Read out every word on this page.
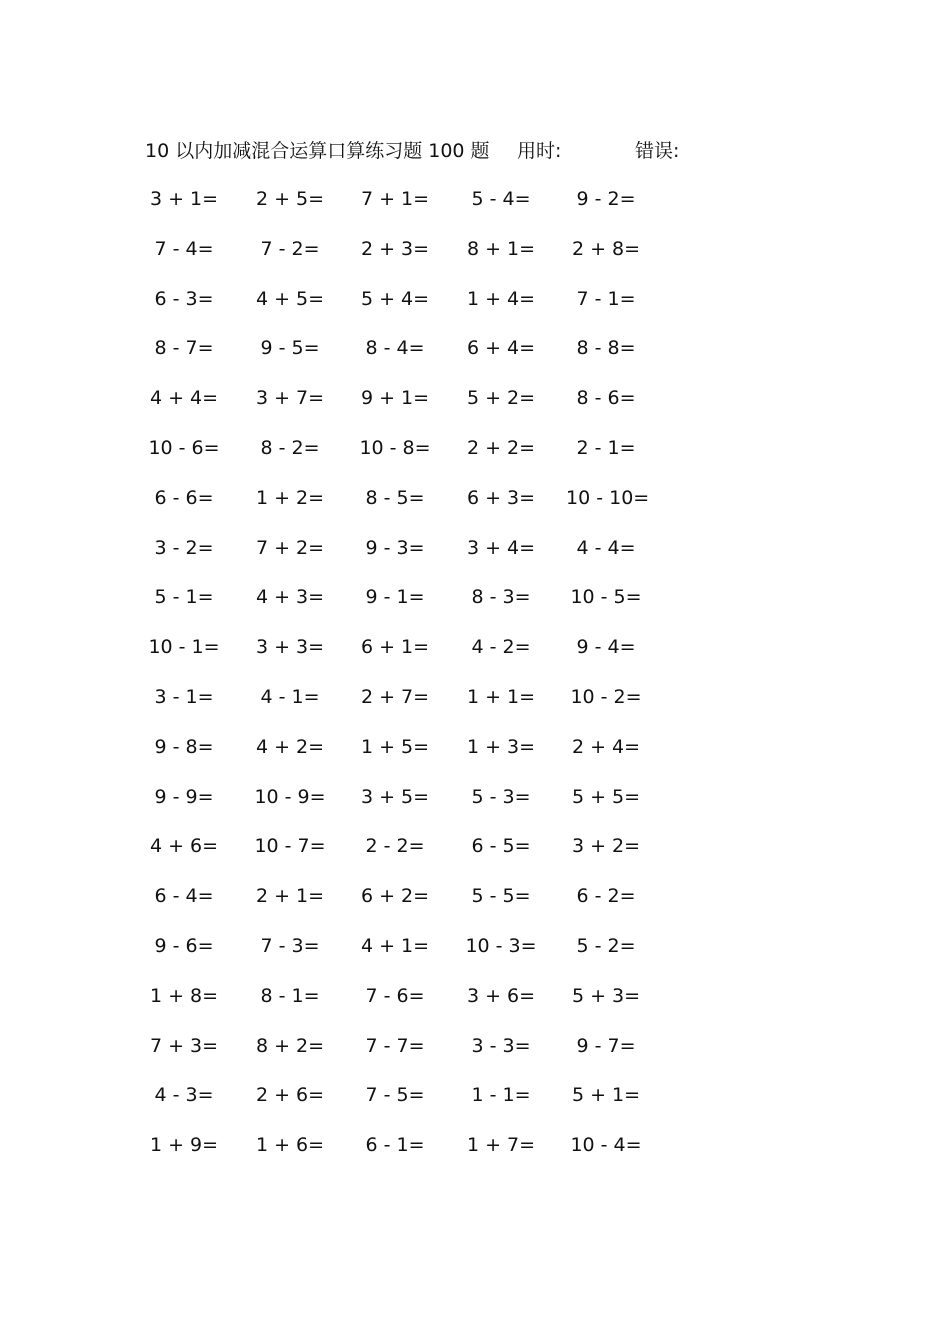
10 以内加减混合运算口算练习题 100 题 用时:	错误:
3 + 1=	2 + 5=	7 + 1=	5 - 4=	9 - 2=
7 - 4=	7 - 2=	2 + 3=	8 + 1=	2 + 8=
6 - 3=	4 + 5=	5 + 4=	1 + 4=	7 - 1=
8 - 7=	9 - 5=	8 - 4=	6 + 4=	8 - 8=
4 + 4=	3 + 7=	9 + 1=	5 + 2=	8 - 6=
10 - 6=	8 - 2=	10 - 8=	2 + 2=	2 - 1=
6 - 6=	1 + 2=	8 - 5=	6 + 3=	10 - 10=
3 - 2=	7 + 2=	9 - 3=	3 + 4=	4 - 4=
5 - 1=	4 + 3=	9 - 1=	8 - 3=	10 - 5=
10 - 1=	3 + 3=	6 + 1=	4 - 2=	9 - 4=
3 - 1=	4 - 1=	2 + 7=	1 + 1=	10 - 2=
9 - 8=	4 + 2=	1 + 5=	1 + 3=	2 + 4=
9 - 9=	10 - 9=	3 + 5=	5 - 3=	5 + 5=
4 + 6=	10 - 7=	2 - 2=	6 - 5=	3 + 2=
6 - 4=	2 + 1=	6 + 2=	5 - 5=	6 - 2=
9 - 6=	7 - 3=	4 + 1=	10 - 3=	5 - 2=
1 + 8=	8 - 1=	7 - 6=	3 + 6=	5 + 3=
7 + 3=	8 + 2=	7 - 7=	3 - 3=	9 - 7=
4 - 3=	2 + 6=	7 - 5=	1 - 1=	5 + 1=
1 + 9=	1 + 6=	6 - 1=	1 + 7=	10 - 4=
